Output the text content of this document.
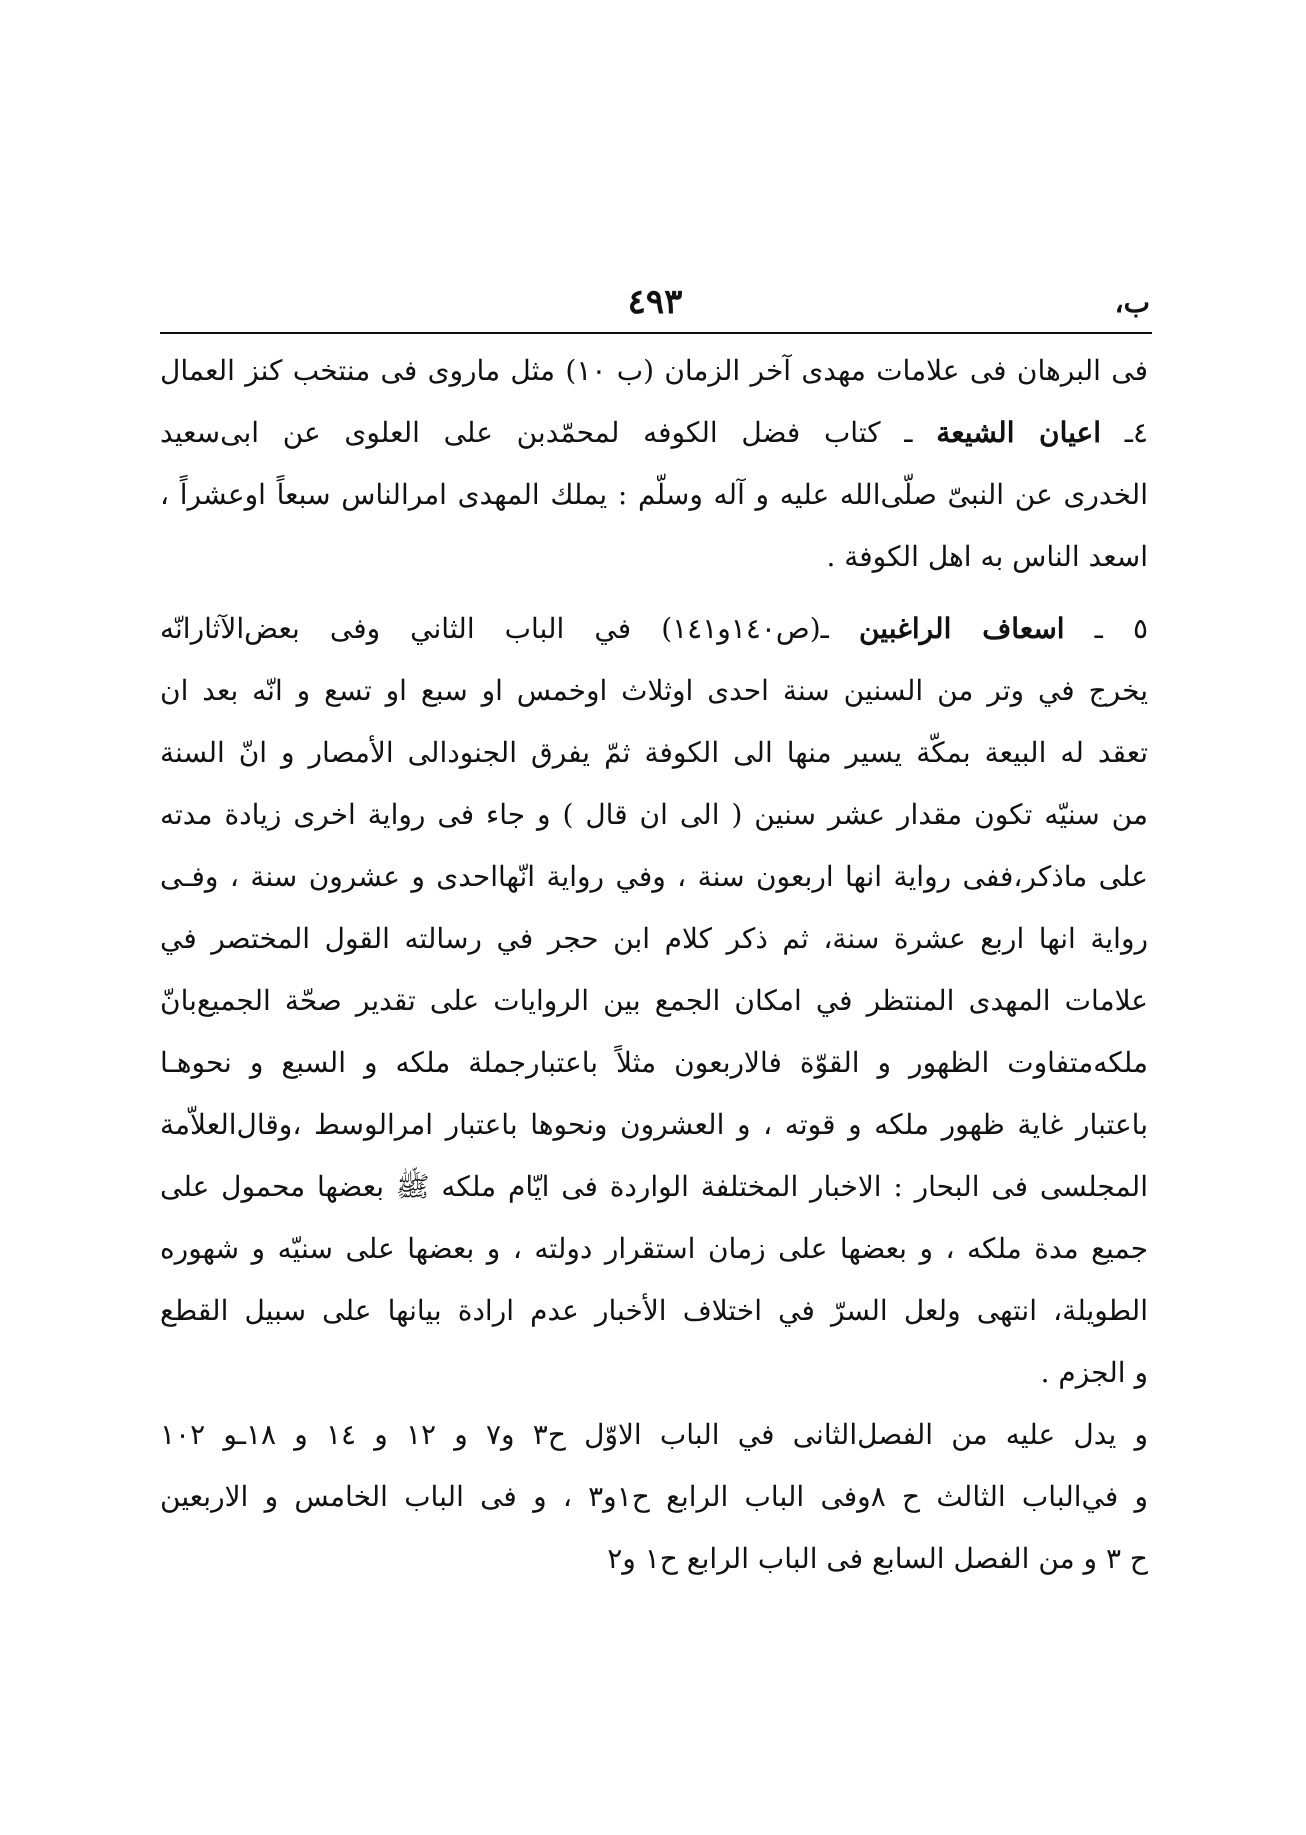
٤٩٣	ب،
فی البرهان فی علامات مهدی آخر الزمان (ب ١٠) مثل ماروی فی منتخب کنز العمال
٤ـ اعیان الشیعة ـ کتاب فضل الکوفه لمحمّدبن علی العلوی عن ابی‌سعید
الخدری عن النبیّ صلّی‌الله علیه و آله وسلّم : یملك المهدی امرالناس سبعاً اوعشراً ،
اسعد الناس به اهل الکوفة .
٥ ـ اسعاف الراغبین ـ(ص١٤٠و١٤١) في الباب الثاني وفی بعض‌الآثارانّه
یخرج في وتر من السنین سنة احدی اوثلاث اوخمس او سبع او تسع و انّه بعد ان
تعقد له البیعة بمکّة یسیر منها الی الکوفة ثمّ یفرق الجنودالی الأمصار و انّ السنة
من سنیّه تکون مقدار عشر سنین ( الی ان قال ) و جاء فی روایة اخری زیادة مدته
علی ماذکر،ففی روایة انها اربعون سنة ، وفي روایة انّهااحدی و عشرون سنة ، وفـی
روایة انها اربع عشرة سنة، ثم ذکر کلام ابن حجر في رسالته القول المختصر في
علامات المهدی المنتظر في امکان الجمع بین الروایات علی تقدیر صحّة الجمیع‌بانّ
ملکه‌متفاوت الظهور و القوّة فالاربعون مثلاً باعتبارجملة ملکه و السبع و نحوهـا
باعتبار غایة ظهور ملکه و قوته ، و العشرون ونحوها باعتبار امرالوسط ،وقال‌العلاّمة
المجلسی فی البحار : الاخبار المختلفة الواردة فی ایّام ملکه ﷺ بعضها محمول علی
جمیع مدة ملکه ، و بعضها علی زمان استقرار دولته ، و بعضها علی سنیّه و شهوره
الطویلة، انتهی ولعل السرّ في اختلاف الأخبار عدم ارادة بیانها علی سبیل القطع
و الجزم .
و یدل علیه من الفصل‌الثانی في الباب الاوّل ح٣ و٧ و ١٢ و ١٤ و ١٨ـو ١٠٢
و في‌الباب الثالث ح ٨وفی الباب الرابع ح١و٣ ، و فی الباب الخامس و الاربعین
ح ٣ و من الفصل السابع فی الباب الرابع ح١ و٢
